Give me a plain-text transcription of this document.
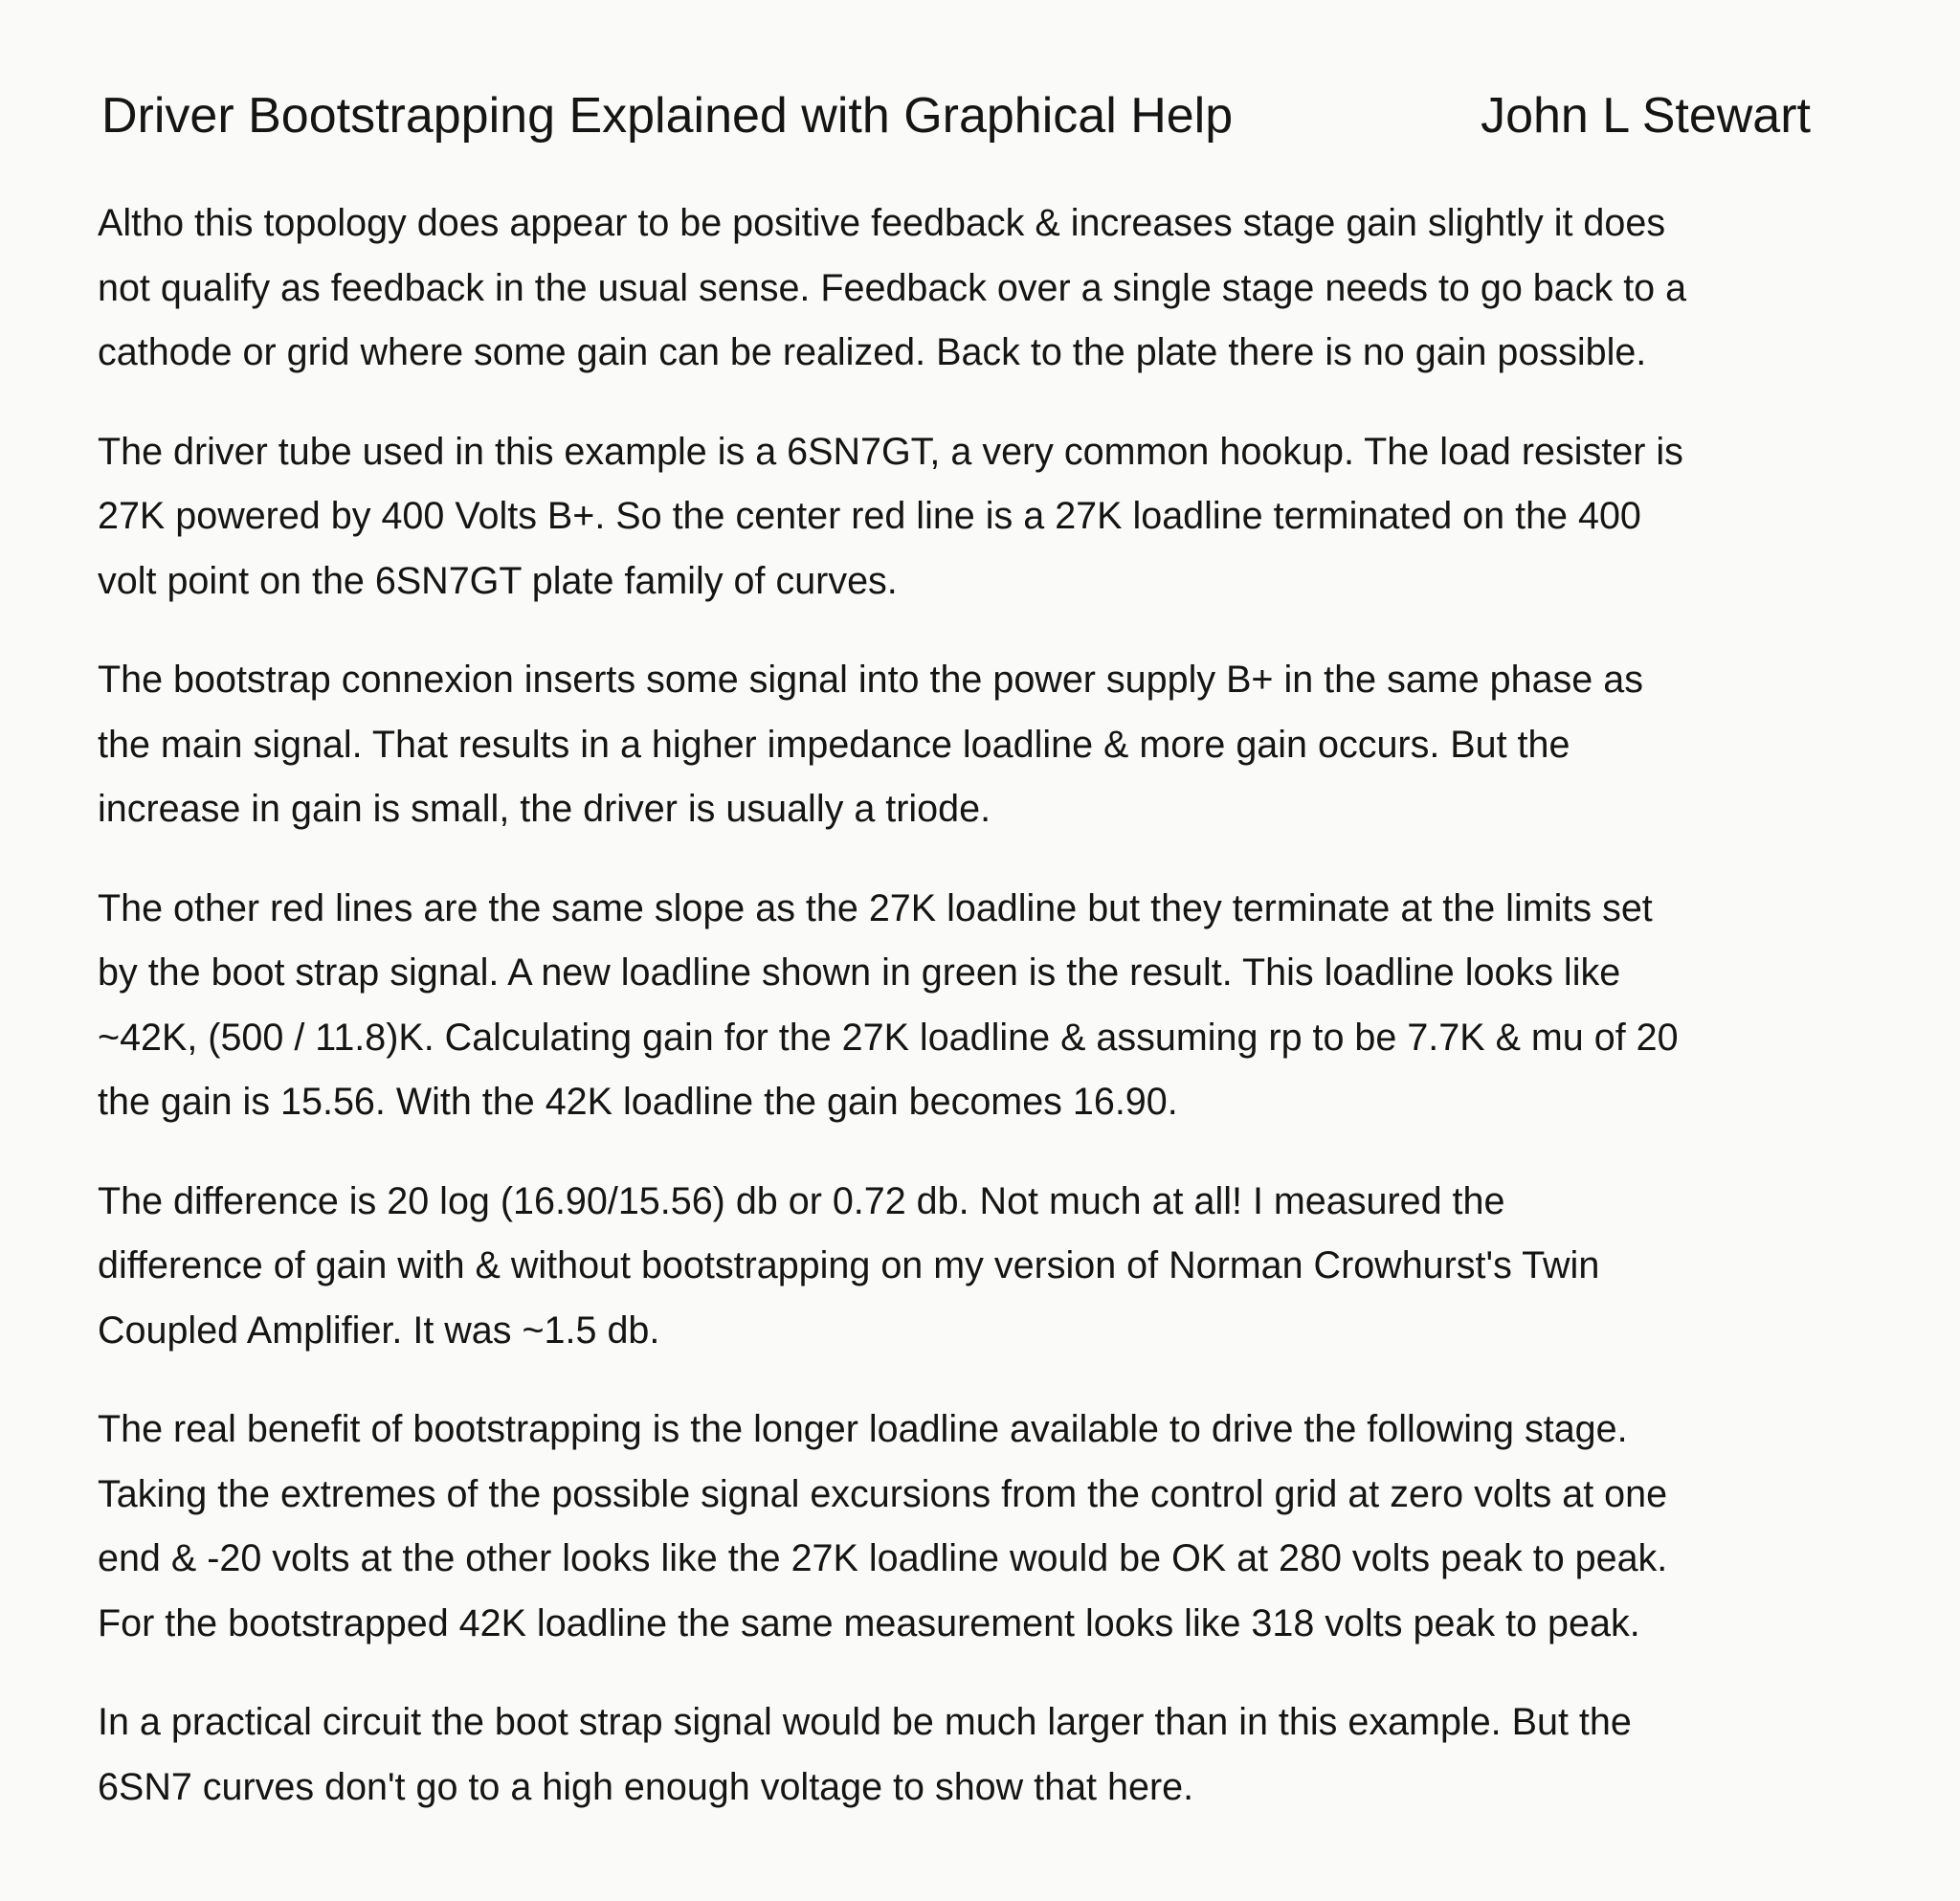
Driver Bootstrapping Explained with Graphical Help	John L Stewart

Altho this topology does appear to be positive feedback & increases stage gain slightly it does
not qualify as feedback in the usual sense. Feedback over a single stage needs to go back to a
cathode or grid where some gain can be realized. Back to the plate there is no gain possible.

The driver tube used in this example is a 6SN7GT, a very common hookup. The load resister is
27K powered by 400 Volts B+. So the center red line is a 27K loadline terminated on the 400
volt point on the 6SN7GT plate family of curves.

The bootstrap connexion inserts some signal into the power supply B+ in the same phase as
the main signal. That results in a higher impedance loadline & more gain occurs. But the
increase in gain is small, the driver is usually a triode.

The other red lines are the same slope as the 27K loadline but they terminate at the limits set
by the boot strap signal. A new loadline shown in green is the result. This loadline looks like
~42K, (500 / 11.8)K. Calculating gain for the 27K loadline & assuming rp to be 7.7K & mu of 20
the gain is 15.56. With the 42K loadline the gain becomes 16.90.

The difference is 20 log (16.90/15.56) db or 0.72 db. Not much at all! I measured the
difference of gain with & without bootstrapping on my version of Norman Crowhurst's Twin
Coupled Amplifier. It was ~1.5 db.

The real benefit of bootstrapping is the longer loadline available to drive the following stage.
Taking the extremes of the possible signal excursions from the control grid at zero volts at one
end & -20 volts at the other looks like the 27K loadline would be OK at 280 volts peak to peak.
For the bootstrapped 42K loadline the same measurement looks like 318 volts peak to peak.

In a practical circuit the boot strap signal would be much larger than in this example. But the
6SN7 curves don't go to a high enough voltage to show that here.
